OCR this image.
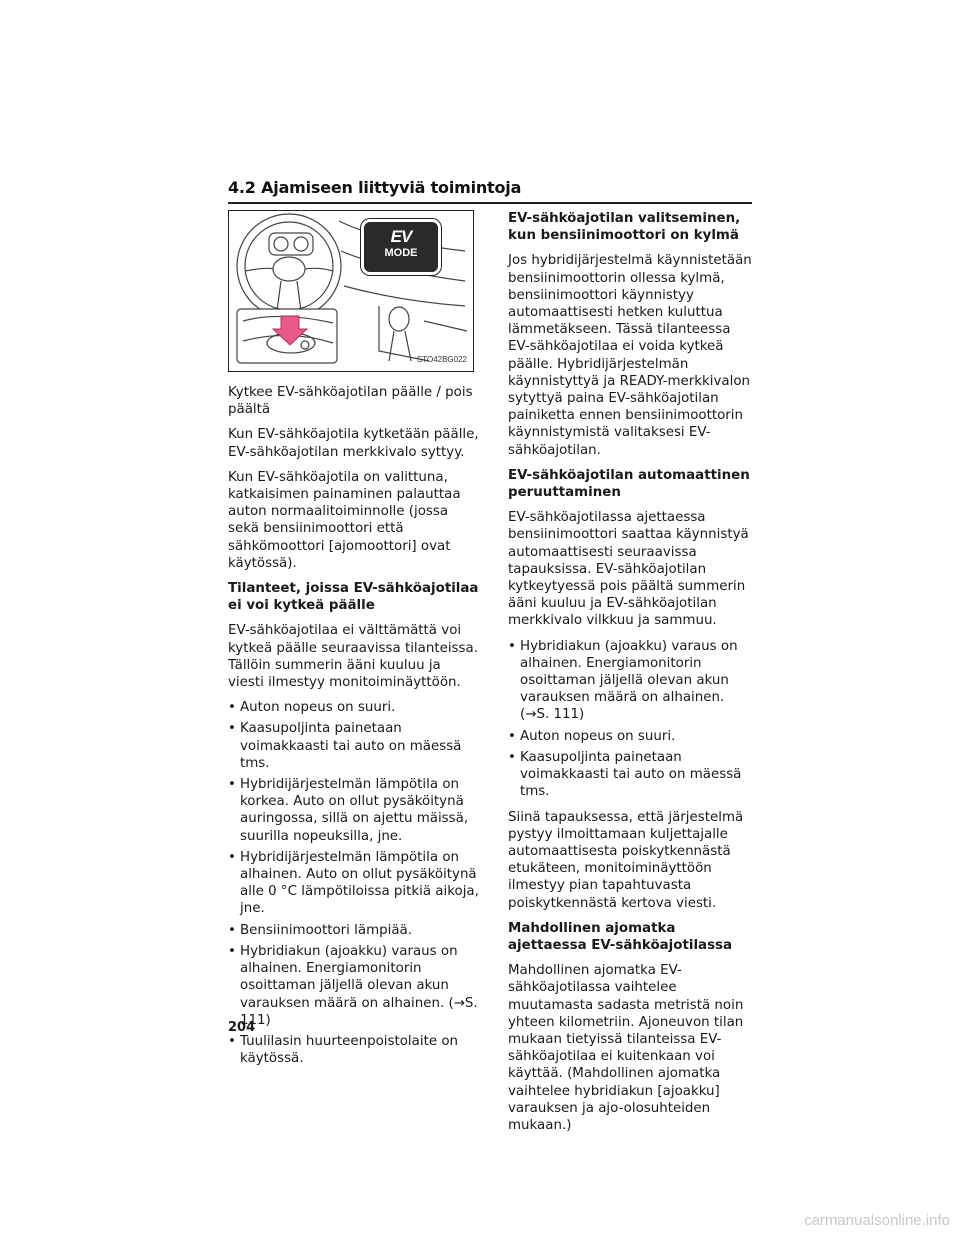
4.2 Ajamiseen liittyviä toimintoja
EV
MODE
STO42BG022

Kytkee EV-sähköajotilan päälle / pois päältä

Kun EV-sähköajotila kytketään päälle, EV-sähköajotilan merkkivalo syttyy.

Kun EV-sähköajotila on valittuna, katkaisimen painaminen palauttaa auton normaalitoiminnolle (jossa sekä bensiinimoottori että sähkömoottori [ajomoottori] ovat käytössä).

Tilanteet, joissa EV-sähköajotilaa ei voi kytkeä päälle

EV-sähköajotilaa ei välttämättä voi kytkeä päälle seuraavissa tilanteissa. Tällöin summerin ääni kuuluu ja viesti ilmestyy monitoiminäyttöön.

• Auton nopeus on suuri.
• Kaasupoljinta painetaan voimakkaasti tai auto on mäessä tms.
• Hybridijärjestelmän lämpötila on korkea. Auto on ollut pysäköitynä auringossa, sillä on ajettu mäissä, suurilla nopeuksilla, jne.
• Hybridijärjestelmän lämpötila on alhainen. Auto on ollut pysäköitynä alle 0 °C lämpötiloissa pitkiä aikoja, jne.
• Bensiinimoottori lämpiää.
• Hybridiakun (ajoakku) varaus on alhainen. Energiamonitorin osoittaman jäljellä olevan akun varauksen määrä on alhainen. (→S. 111)
• Tuulilasin huurteenpoistolaite on käytössä.
EV-sähköajotilan valitseminen, kun bensiinimoottori on kylmä

Jos hybridijärjestelmä käynnistetään bensiinimoottorin ollessa kylmä, bensiinimoottori käynnistyy automaattisesti hetken kuluttua lämmetäkseen. Tässä tilanteessa EV-sähköajotilaa ei voida kytkeä päälle. Hybridijärjestelmän käynnistyttyä ja READY-merkkivalon sytyttyä paina EV-sähköajotilan painiketta ennen bensiinimoottorin käynnistymistä valitaksesi EV-sähköajotilan.

EV-sähköajotilan automaattinen peruuttaminen

EV-sähköajotilassa ajettaessa bensiinimoottori saattaa käynnistyä automaattisesti seuraavissa tapauksissa. EV-sähköajotilan kytkeytyessä pois päältä summerin ääni kuuluu ja EV-sähköajotilan merkkivalo vilkkuu ja sammuu.

• Hybridiakun (ajoakku) varaus on alhainen. Energiamonitorin osoittaman jäljellä olevan akun varauksen määrä on alhainen. (→S. 111)
• Auton nopeus on suuri.
• Kaasupoljinta painetaan voimakkaasti tai auto on mäessä tms.

Siinä tapauksessa, että järjestelmä pystyy ilmoittamaan kuljettajalle automaattisesta poiskytkennästä etukäteen, monitoiminäyttöön ilmestyy pian tapahtuvasta poiskytkennästä kertova viesti.

Mahdollinen ajomatka ajettaessa EV-sähköajotilassa

Mahdollinen ajomatka EV-sähköajotilassa vaihtelee muutamasta sadasta metristä noin yhteen kilometriin. Ajoneuvon tilan mukaan tietyissä tilanteissa EV-sähköajotilaa ei kuitenkaan voi käyttää. (Mahdollinen ajomatka vaihtelee hybridiakun [ajoakku] varauksen ja ajo-olosuhteiden mukaan.)

204
carmanualsonline.info
